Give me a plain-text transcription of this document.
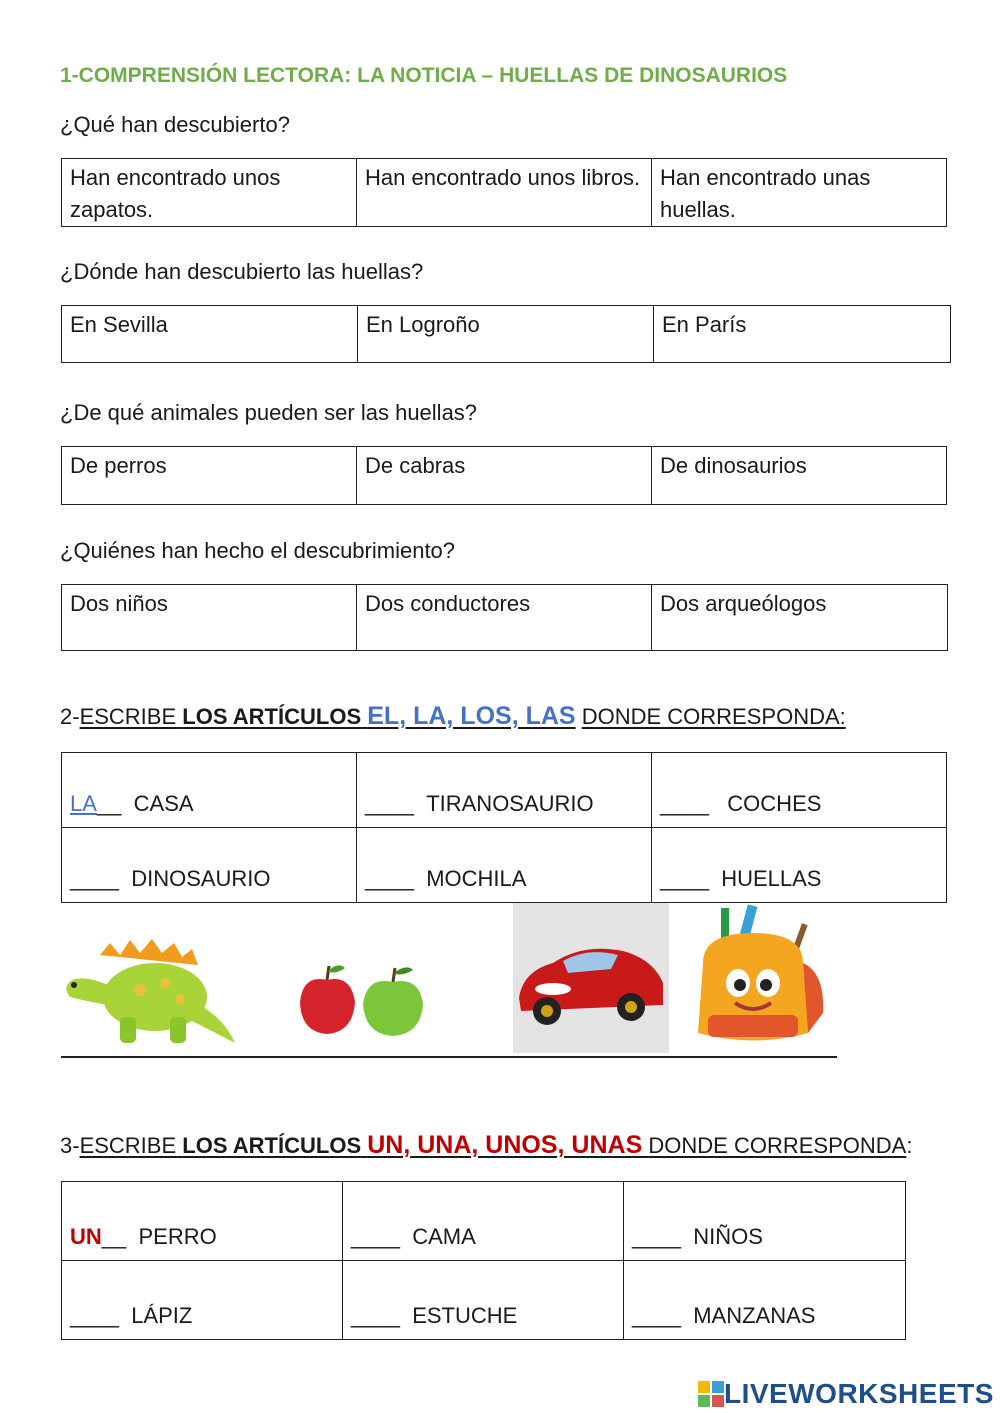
1-COMPRENSIÓN LECTORA: LA NOTICIA – HUELLAS DE DINOSAURIOS
¿Qué han descubierto?
Han encontrado unos zapatos.	Han encontrado unos libros.	Han encontrado unas huellas.
¿Dónde han descubierto las huellas?
En Sevilla	En Logroño	En París
¿De qué animales pueden ser las huellas?
De perros	De cabras	De dinosaurios
¿Quiénes han hecho el descubrimiento?
Dos niños	Dos conductores	Dos arqueólogos
2-ESCRIBE LOS ARTÍCULOS EL, LA, LOS, LAS DONDE CORRESPONDA:
LA__ CASA	____ TIRANOSAURIO	____ COCHES
____ DINOSAURIO	____ MOCHILA	____ HUELLAS
3-ESCRIBE LOS ARTÍCULOS UN, UNA, UNOS, UNAS DONDE CORRESPONDA:
UN__ PERRO	____ CAMA	____ NIÑOS
____ LÁPIZ	____ ESTUCHE	____ MANZANAS
LIVEWORKSHEETS
